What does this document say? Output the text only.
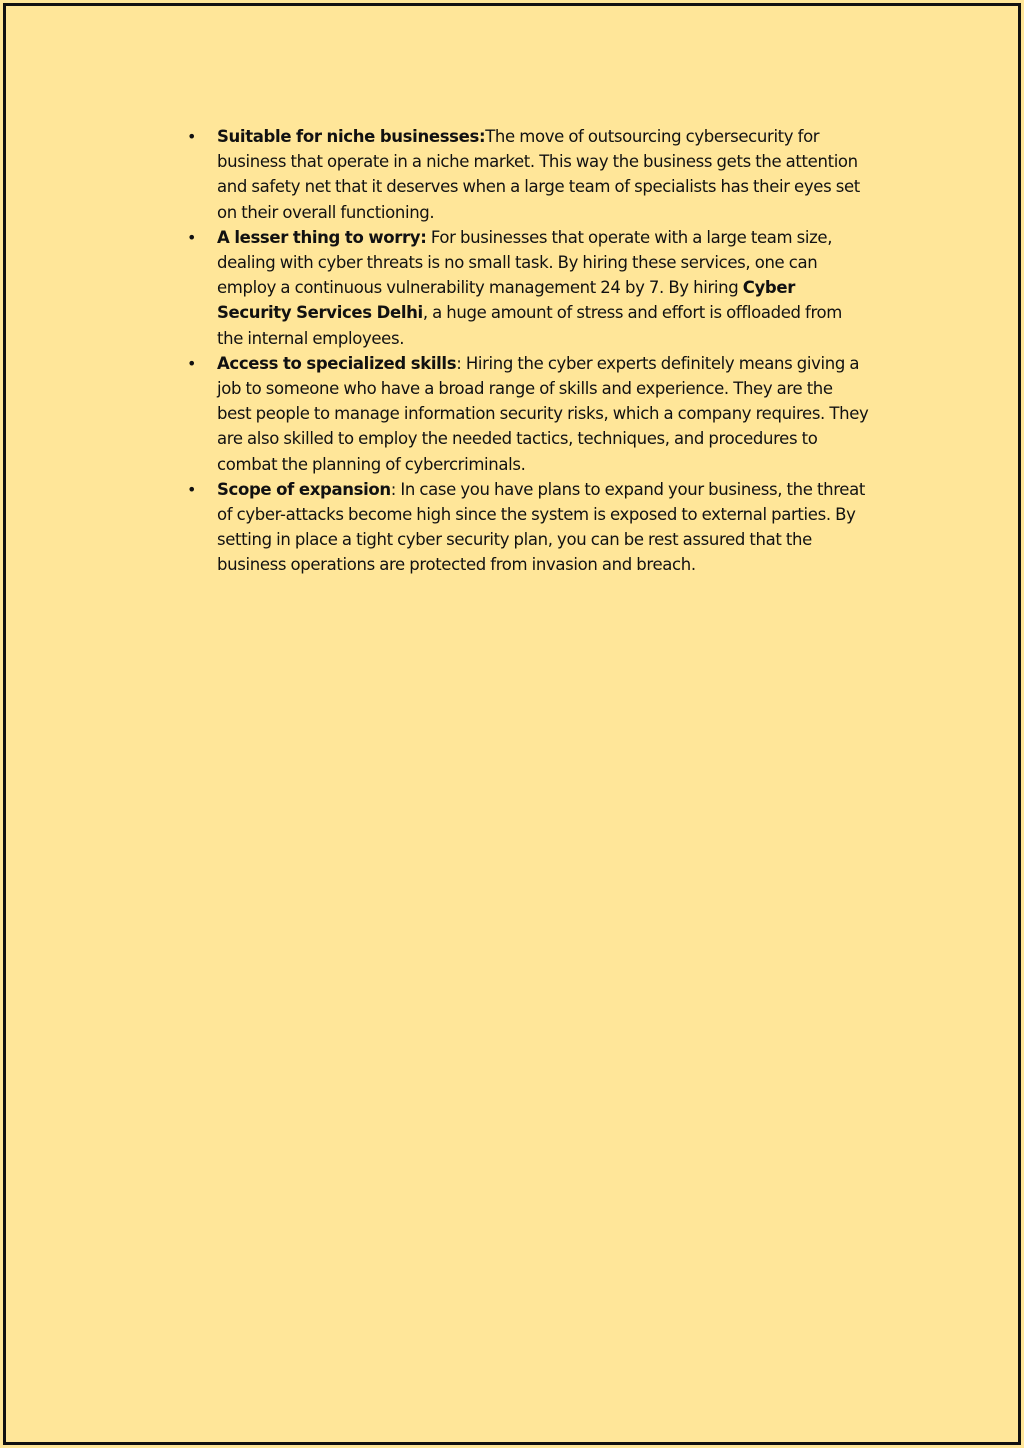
• Suitable for niche businesses:The move of outsourcing cybersecurity for business that operate in a niche market. This way the business gets the attention and safety net that it deserves when a large team of specialists has their eyes set on their overall functioning.
• A lesser thing to worry: For businesses that operate with a large team size, dealing with cyber threats is no small task. By hiring these services, one can employ a continuous vulnerability management 24 by 7. By hiring Cyber Security Services Delhi, a huge amount of stress and effort is offloaded from the internal employees.
• Access to specialized skills: Hiring the cyber experts definitely means giving a job to someone who have a broad range of skills and experience. They are the best people to manage information security risks, which a company requires. They are also skilled to employ the needed tactics, techniques, and procedures to combat the planning of cybercriminals.
• Scope of expansion: In case you have plans to expand your business, the threat of cyber-attacks become high since the system is exposed to external parties. By setting in place a tight cyber security plan, you can be rest assured that the business operations are protected from invasion and breach.
